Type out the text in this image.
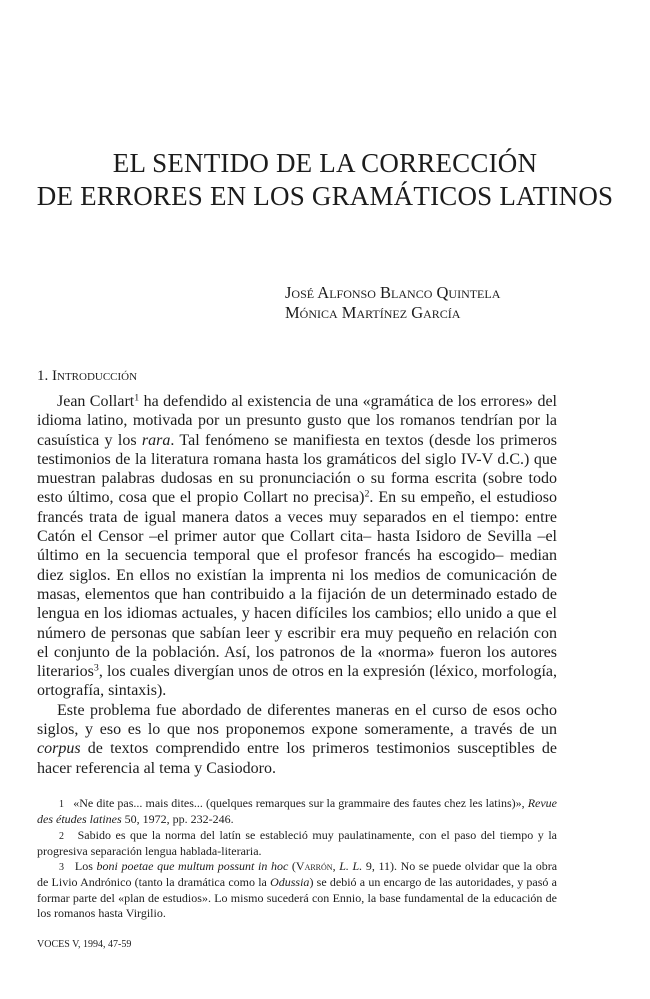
EL SENTIDO DE LA CORRECCIÓN
DE ERRORES EN LOS GRAMÁTICOS LATINOS
José Alfonso Blanco Quintela
Mónica Martínez García
1. Introducción

Jean Collart$^1$ ha defendido al existencia de una «gramática de los errores» del idioma latino, motivada por un presunto gusto que los romanos tendrían por la casuística y los rara. Tal fenómeno se manifiesta en textos (desde los primeros testimonios de la literatura romana hasta los gramáticos del siglo IV-V d.C.) que muestran palabras dudosas en su pronunciación o su forma escrita (sobre todo esto último, cosa que el propio Collart no precisa)$^2$. En su empeño, el estudioso francés trata de igual manera datos a veces muy separados en el tiempo: entre Catón el Censor –el primer autor que Collart cita– hasta Isidoro de Sevilla –el último en la secuencia temporal que el profesor francés ha escogido– median diez siglos. En ellos no existían la imprenta ni los medios de comunicación de masas, elementos que han contribuido a la fijación de un determinado estado de lengua en los idiomas actuales, y hacen difíciles los cambios; ello unido a que el número de personas que sabían leer y escribir era muy pequeño en relación con el conjunto de la población. Así, los patronos de la «norma» fueron los autores literarios$^3$, los cuales divergían unos de otros en la expresión (léxico, morfología, ortografía, sintaxis).

Este problema fue abordado de diferentes maneras en el curso de esos ocho siglos, y eso es lo que nos proponemos expone someramente, a través de un corpus de textos comprendido entre los primeros testimonios susceptibles de hacer referencia al tema y Casiodoro.

1 «Ne dite pas... mais dites... (quelques remarques sur la grammaire des fautes chez les latins)», Revue des études latines 50, 1972, pp. 232-246.

2 Sabido es que la norma del latín se estableció muy paulatinamente, con el paso del tiempo y la progresiva separación lengua hablada-literaria.

3 Los boni poetae que multum possunt in hoc (Varrón, L. L. 9, 11). No se puede olvidar que la obra de Livio Andrónico (tanto la dramática como la Odussia) se debió a un encargo de las autoridades, y pasó a formar parte del «plan de estudios». Lo mismo sucederá con Ennio, la base fundamental de la educación de los romanos hasta Virgilio.

VOCES V, 1994, 47-59
